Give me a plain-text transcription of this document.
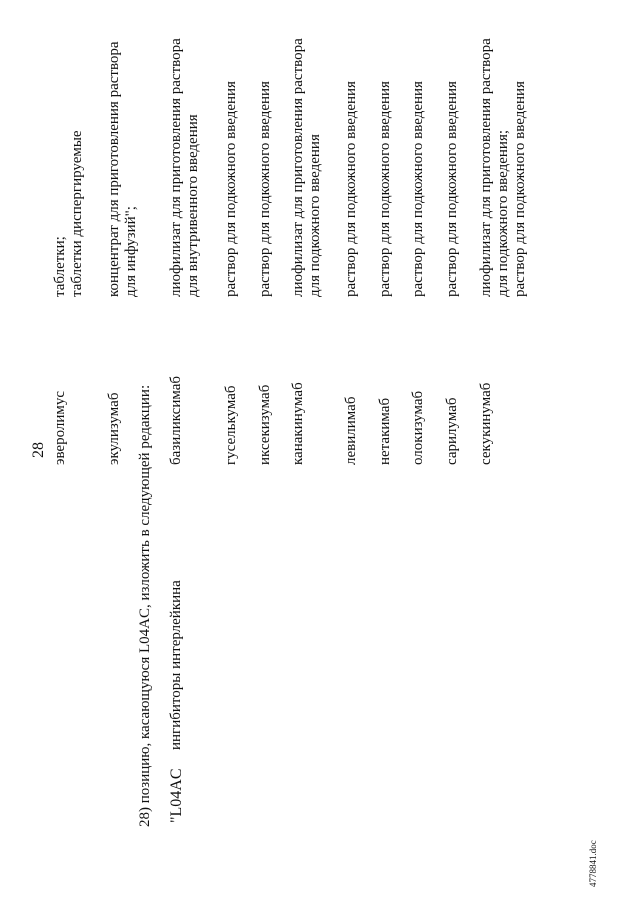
28 эверолимус
таблетки; таблетки диспергируемые
экулизумаб
концентрат для приготовления раствора для инфузий";
28) позицию, касающуюся L04AC, изложить в следующей редакции: "L04AC
ингибиторы интерлейкина
базиликсимаб
лиофилизат для приготовления раствора для внутривенного введения
гуселькумаб
раствор для подкожного введения
иксекизумаб
раствор для подкожного введения
канакинумаб
лиофилизат для приготовления раствора для подкожного введения
левилимаб
раствор для подкожного введения
нетакимаб
раствор для подкожного введения
олокизумаб
раствор для подкожного введения
сарилумаб
раствор для подкожного введения
секукинумаб
лиофилизат для приготовления раствора для подкожного введения; раствор для подкожного введения
4778841.doc
